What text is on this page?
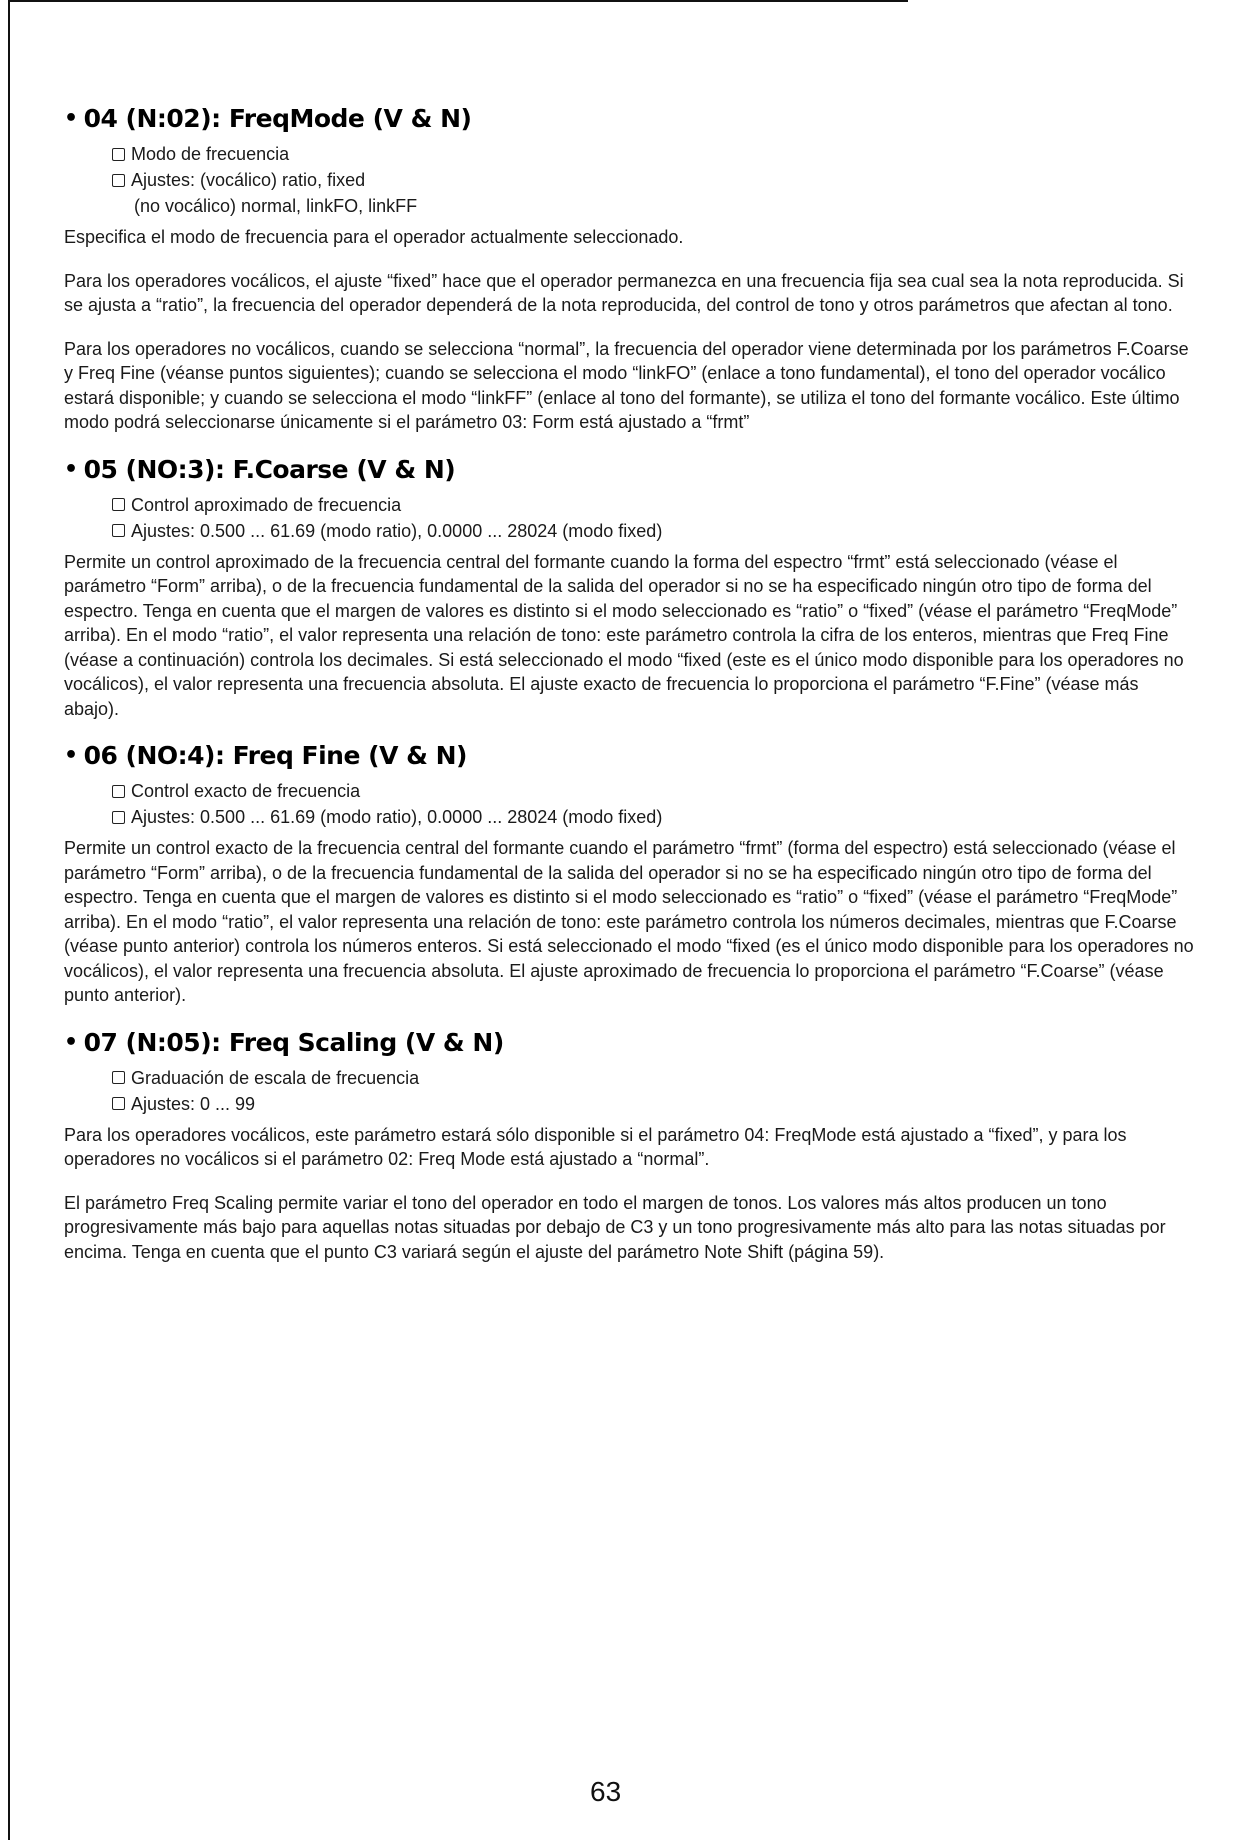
• 04 (N:02): FreqMode (V & N)
Modo de frecuencia
Ajustes: (vocálico) ratio, fixed
(no vocálico) normal, linkFO, linkFF

Especifica el modo de frecuencia para el operador actualmente seleccionado.

Para los operadores vocálicos, el ajuste “fixed” hace que el operador permanezca en una frecuencia fija sea cual sea la nota reproducida. Si se ajusta a “ratio”, la frecuencia del operador dependerá de la nota reproducida, del control de tono y otros parámetros que afectan al tono.

Para los operadores no vocálicos, cuando se selecciona “normal”, la frecuencia del operador viene determinada por los parámetros F.Coarse y Freq Fine (véanse puntos siguientes); cuando se selecciona el modo “linkFO” (enlace a tono fundamental), el tono del operador vocálico estará disponible; y cuando se selecciona el modo “linkFF” (enlace al tono del formante), se utiliza el tono del formante vocálico. Este último modo podrá seleccionarse únicamente si el parámetro 03: Form está ajustado a “frmt”

• 05 (NO:3): F.Coarse (V & N)
Control aproximado de frecuencia
Ajustes: 0.500 ... 61.69 (modo ratio), 0.0000 ... 28024 (modo fixed)

Permite un control aproximado de la frecuencia central del formante cuando la forma del espectro “frmt” está seleccionado (véase el parámetro “Form” arriba), o de la frecuencia fundamental de la salida del operador si no se ha especificado ningún otro tipo de forma del espectro. Tenga en cuenta que el margen de valores es distinto si el modo seleccionado es “ratio” o “fixed” (véase el parámetro “FreqMode” arriba). En el modo “ratio”, el valor representa una relación de tono: este parámetro controla la cifra de los enteros, mientras que Freq Fine (véase a continuación) controla los decimales. Si está seleccionado el modo “fixed (este es el único modo disponible para los operadores no vocálicos), el valor representa una frecuencia absoluta. El ajuste exacto de frecuencia lo proporciona el parámetro “F.Fine” (véase más abajo).

• 06 (NO:4): Freq Fine (V & N)
Control exacto de frecuencia
Ajustes: 0.500 ... 61.69 (modo ratio), 0.0000 ... 28024 (modo fixed)

Permite un control exacto de la frecuencia central del formante cuando el parámetro “frmt” (forma del espectro) está seleccionado (véase el parámetro “Form” arriba), o de la frecuencia fundamental de la salida del operador si no se ha especificado ningún otro tipo de forma del espectro. Tenga en cuenta que el margen de valores es distinto si el modo seleccionado es “ratio” o “fixed” (véase el parámetro “FreqMode” arriba). En el modo “ratio”, el valor representa una relación de tono: este parámetro controla los números decimales, mientras que F.Coarse (véase punto anterior) controla los números enteros. Si está seleccionado el modo “fixed (es el único modo disponible para los operadores no vocálicos), el valor representa una frecuencia absoluta. El ajuste aproximado de frecuencia lo proporciona el parámetro “F.Coarse” (véase punto anterior).

• 07 (N:05): Freq Scaling (V & N)
Graduación de escala de frecuencia
Ajustes: 0 ... 99

Para los operadores vocálicos, este parámetro estará sólo disponible si el parámetro 04: FreqMode está ajustado a “fixed”, y para los operadores no vocálicos si el parámetro 02: Freq Mode está ajustado a “normal”.

El parámetro Freq Scaling permite variar el tono del operador en todo el margen de tonos. Los valores más altos producen un tono progresivamente más bajo para aquellas notas situadas por debajo de C3 y un tono progresivamente más alto para las notas situadas por encima. Tenga en cuenta que el punto C3 variará según el ajuste del parámetro Note Shift (página 59).

63
